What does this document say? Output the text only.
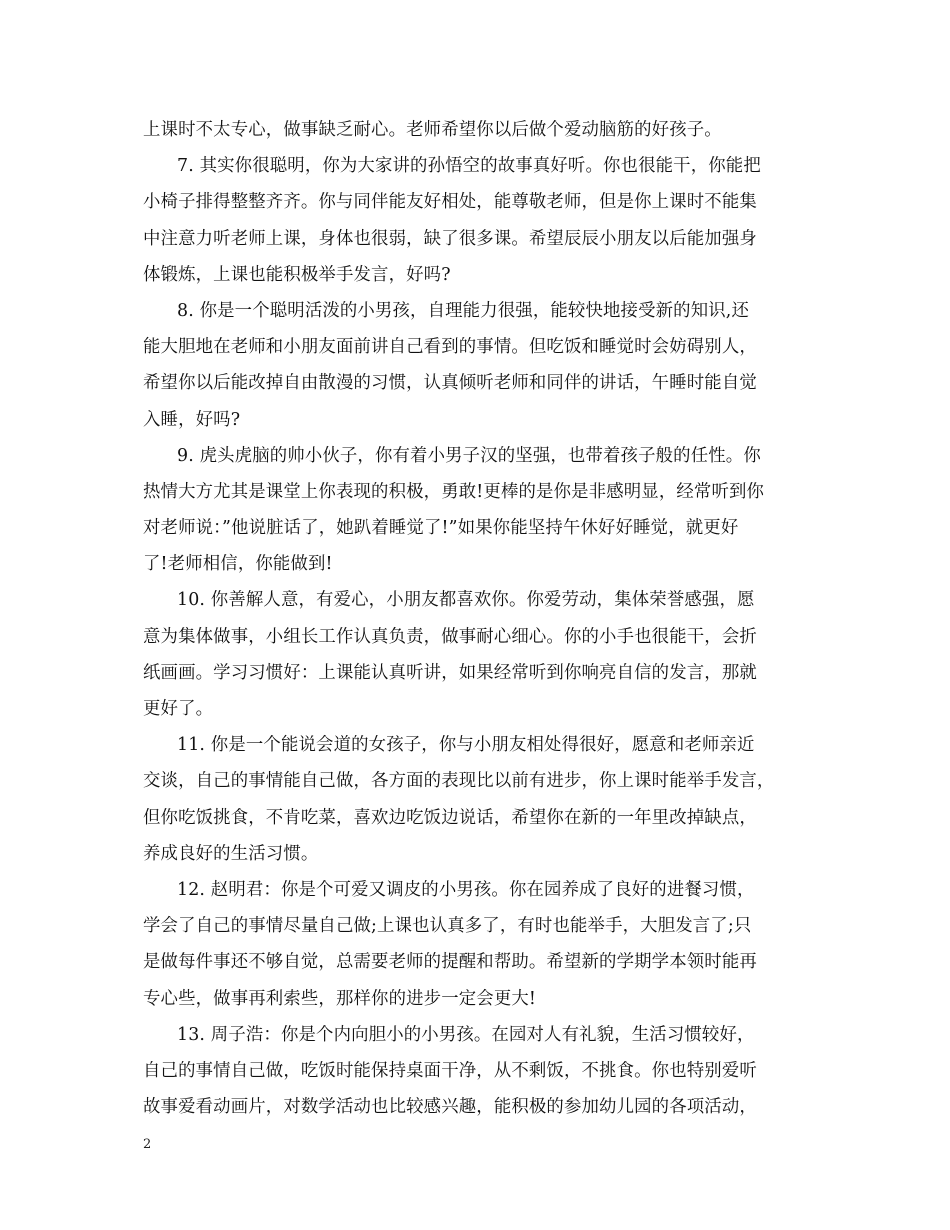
上课时不太专心，做事缺乏耐心。老师希望你以后做个爱动脑筋的好孩子。
7. 其实你很聪明，你为大家讲的孙悟空的故事真好听。你也很能干，你能把
小椅子排得整整齐齐。你与同伴能友好相处，能尊敬老师，但是你上课时不能集
中注意力听老师上课，身体也很弱，缺了很多课。希望辰辰小朋友以后能加强身
体锻炼，上课也能积极举手发言，好吗?
8. 你是一个聪明活泼的小男孩，自理能力很强，能较快地接受新的知识,还
能大胆地在老师和小朋友面前讲自己看到的事情。但吃饭和睡觉时会妨碍别人，
希望你以后能改掉自由散漫的习惯，认真倾听老师和同伴的讲话，午睡时能自觉
入睡，好吗?
9. 虎头虎脑的帅小伙子，你有着小男子汉的坚强，也带着孩子般的任性。你
热情大方尤其是课堂上你表现的积极，勇敢!更棒的是你是非感明显，经常听到你
对老师说：”他说脏话了，她趴着睡觉了!”如果你能坚持午休好好睡觉，就更好
了!老师相信，你能做到!
10. 你善解人意，有爱心，小朋友都喜欢你。你爱劳动，集体荣誉感强，愿
意为集体做事，小组长工作认真负责，做事耐心细心。你的小手也很能干，会折
纸画画。学习习惯好：上课能认真听讲，如果经常听到你响亮自信的发言，那就
更好了。
11. 你是一个能说会道的女孩子，你与小朋友相处得很好，愿意和老师亲近
交谈，自己的事情能自己做，各方面的表现比以前有进步，你上课时能举手发言，
但你吃饭挑食，不肯吃菜，喜欢边吃饭边说话，希望你在新的一年里改掉缺点，
养成良好的生活习惯。
12. 赵明君：你是个可爱又调皮的小男孩。你在园养成了良好的进餐习惯，
学会了自己的事情尽量自己做;上课也认真多了，有时也能举手，大胆发言了;只
是做每件事还不够自觉，总需要老师的提醒和帮助。希望新的学期学本领时能再
专心些，做事再利索些，那样你的进步一定会更大!
13. 周子浩：你是个内向胆小的小男孩。在园对人有礼貌，生活习惯较好，
自己的事情自己做，吃饭时能保持桌面干净，从不剩饭，不挑食。你也特别爱听
故事爱看动画片，对数学活动也比较感兴趣，能积极的参加幼儿园的各项活动，
2
